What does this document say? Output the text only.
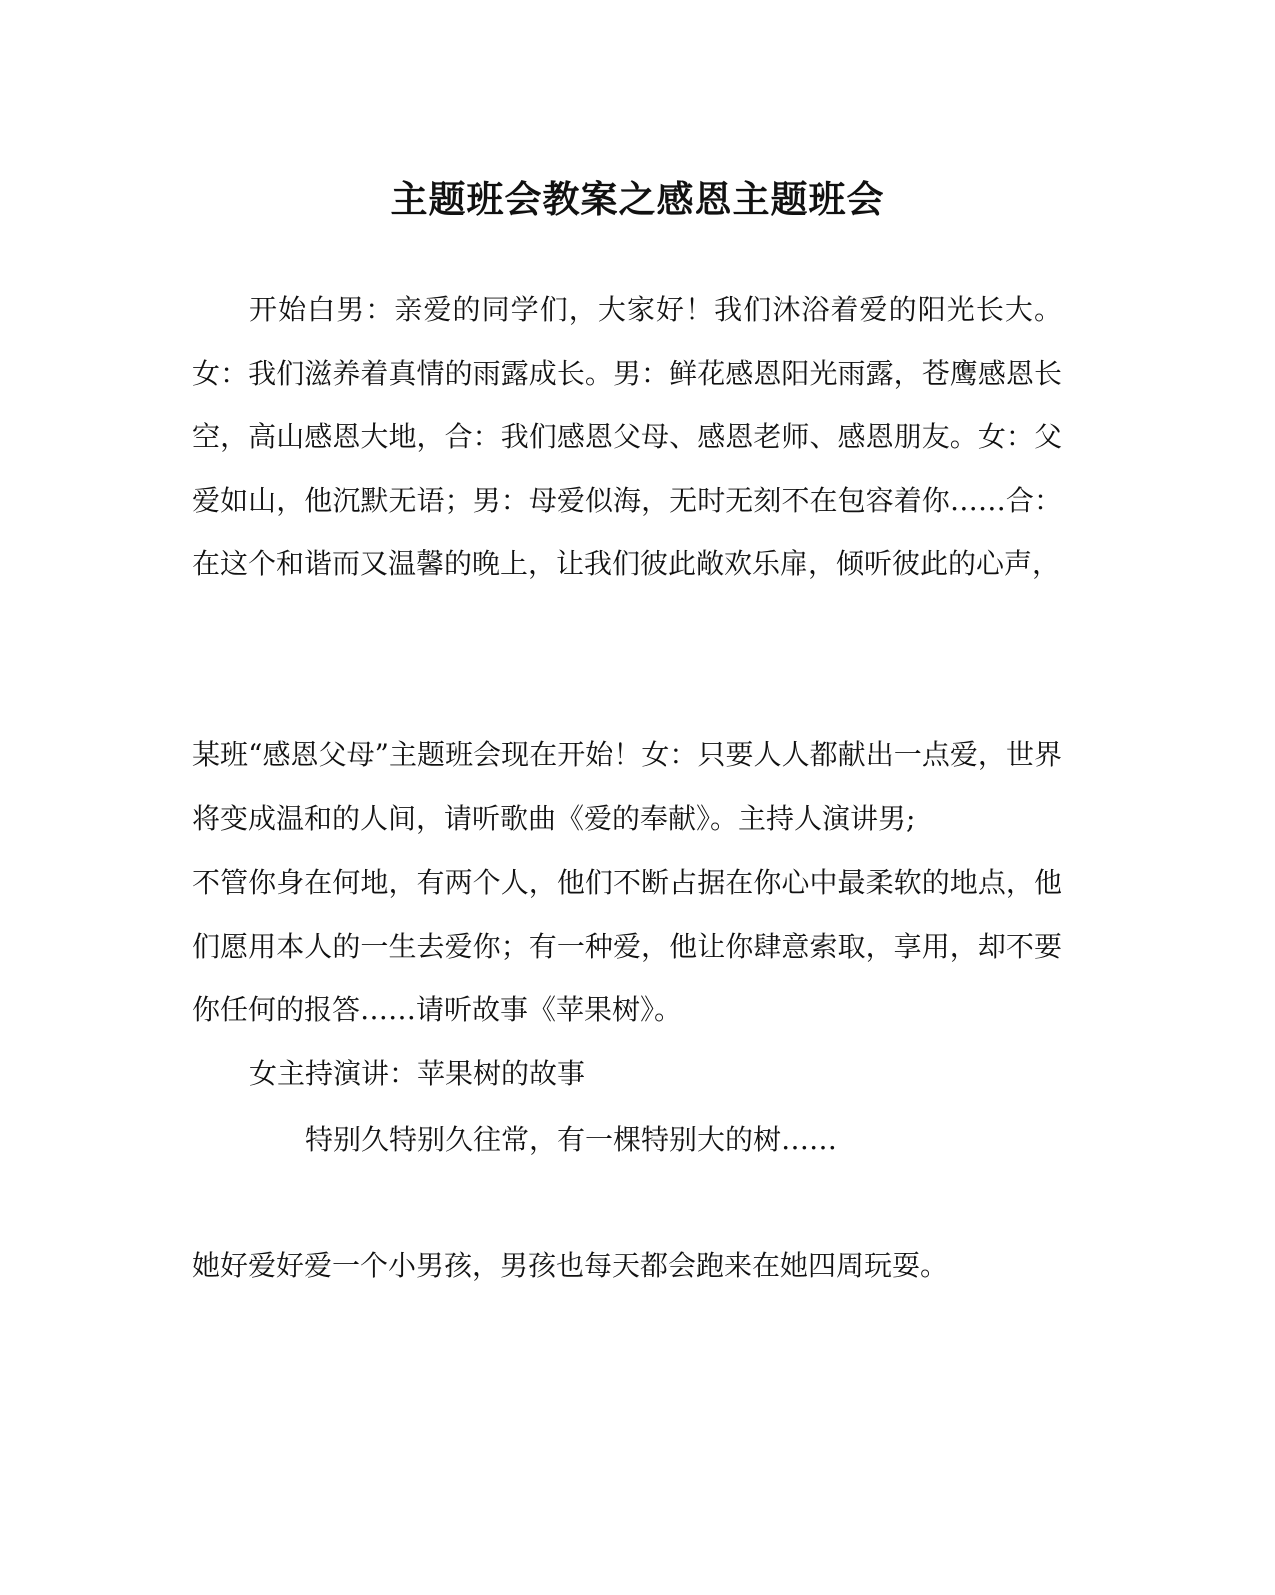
主题班会教案之感恩主题班会

开始白男：亲爱的同学们，大家好！我们沐浴着爱的阳光长大。女：我们滋养着真情的雨露成长。男：鲜花感恩阳光雨露，苍鹰感恩长空，高山感恩大地，合：我们感恩父母、感恩老师、感恩朋友。女：父爱如山，他沉默无语；男：母爱似海，无时无刻不在包容着你……合：在这个和谐而又温馨的晚上，让我们彼此敞欢乐扉，倾听彼此的心声，

某班“感恩父母”主题班会现在开始！女：只要人人都献出一点爱，世界将变成温和的人间，请听歌曲《爱的奉献》。主持人演讲男;

不管你身在何地，有两个人，他们不断占据在你心中最柔软的地点，他们愿用本人的一生去爱你；有一种爱，他让你肆意索取，享用，却不要你任何的报答……请听故事《苹果树》。

女主持演讲：苹果树的故事

特别久特别久往常，有一棵特别大的树……

她好爱好爱一个小男孩，男孩也每天都会跑来在她四周玩耍。
